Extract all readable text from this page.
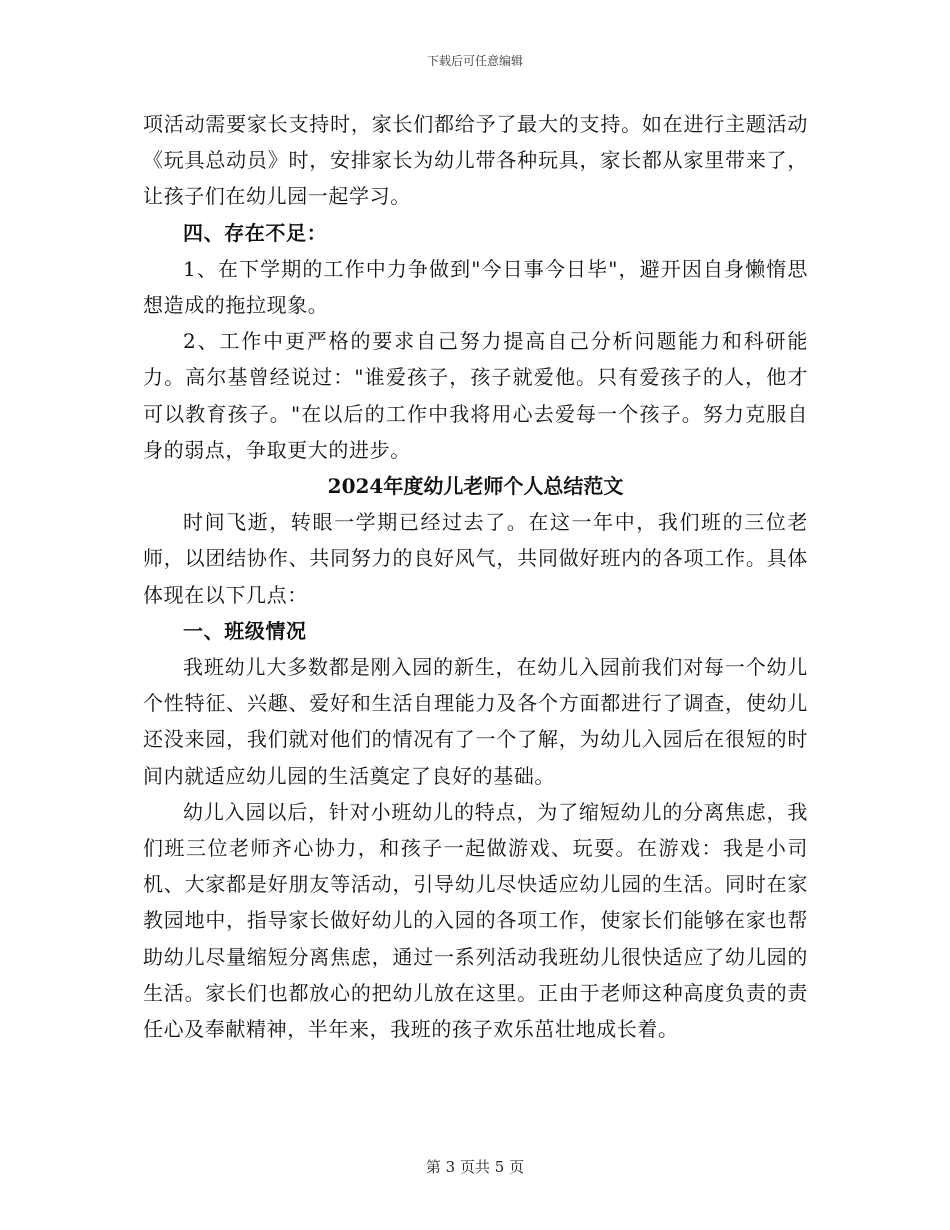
下载后可任意编辑

项活动需要家长支持时，家长们都给予了最大的支持。如在进行主题活动《玩具总动员》时，安排家长为幼儿带各种玩具，家长都从家里带来了，让孩子们在幼儿园一起学习。

四、存在不足：

1、在下学期的工作中力争做到"今日事今日毕"，避开因自身懒惰思想造成的拖拉现象。

2、工作中更严格的要求自己努力提高自己分析问题能力和科研能力。高尔基曾经说过："谁爱孩子，孩子就爱他。只有爱孩子的人，他才可以教育孩子。"在以后的工作中我将用心去爱每一个孩子。努力克服自身的弱点，争取更大的进步。

2024年度幼儿老师个人总结范文

时间飞逝，转眼一学期已经过去了。在这一年中，我们班的三位老师，以团结协作、共同努力的良好风气，共同做好班内的各项工作。具体体现在以下几点：

一、班级情况

我班幼儿大多数都是刚入园的新生，在幼儿入园前我们对每一个幼儿个性特征、兴趣、爱好和生活自理能力及各个方面都进行了调查，使幼儿还没来园，我们就对他们的情况有了一个了解，为幼儿入园后在很短的时间内就适应幼儿园的生活奠定了良好的基础。

幼儿入园以后，针对小班幼儿的特点，为了缩短幼儿的分离焦虑，我们班三位老师齐心协力，和孩子一起做游戏、玩耍。在游戏：我是小司机、大家都是好朋友等活动，引导幼儿尽快适应幼儿园的生活。同时在家教园地中，指导家长做好幼儿的入园的各项工作，使家长们能够在家也帮助幼儿尽量缩短分离焦虑，通过一系列活动我班幼儿很快适应了幼儿园的生活。家长们也都放心的把幼儿放在这里。正由于老师这种高度负责的责任心及奉献精神，半年来，我班的孩子欢乐茁壮地成长着。

第 3 页共 5 页
